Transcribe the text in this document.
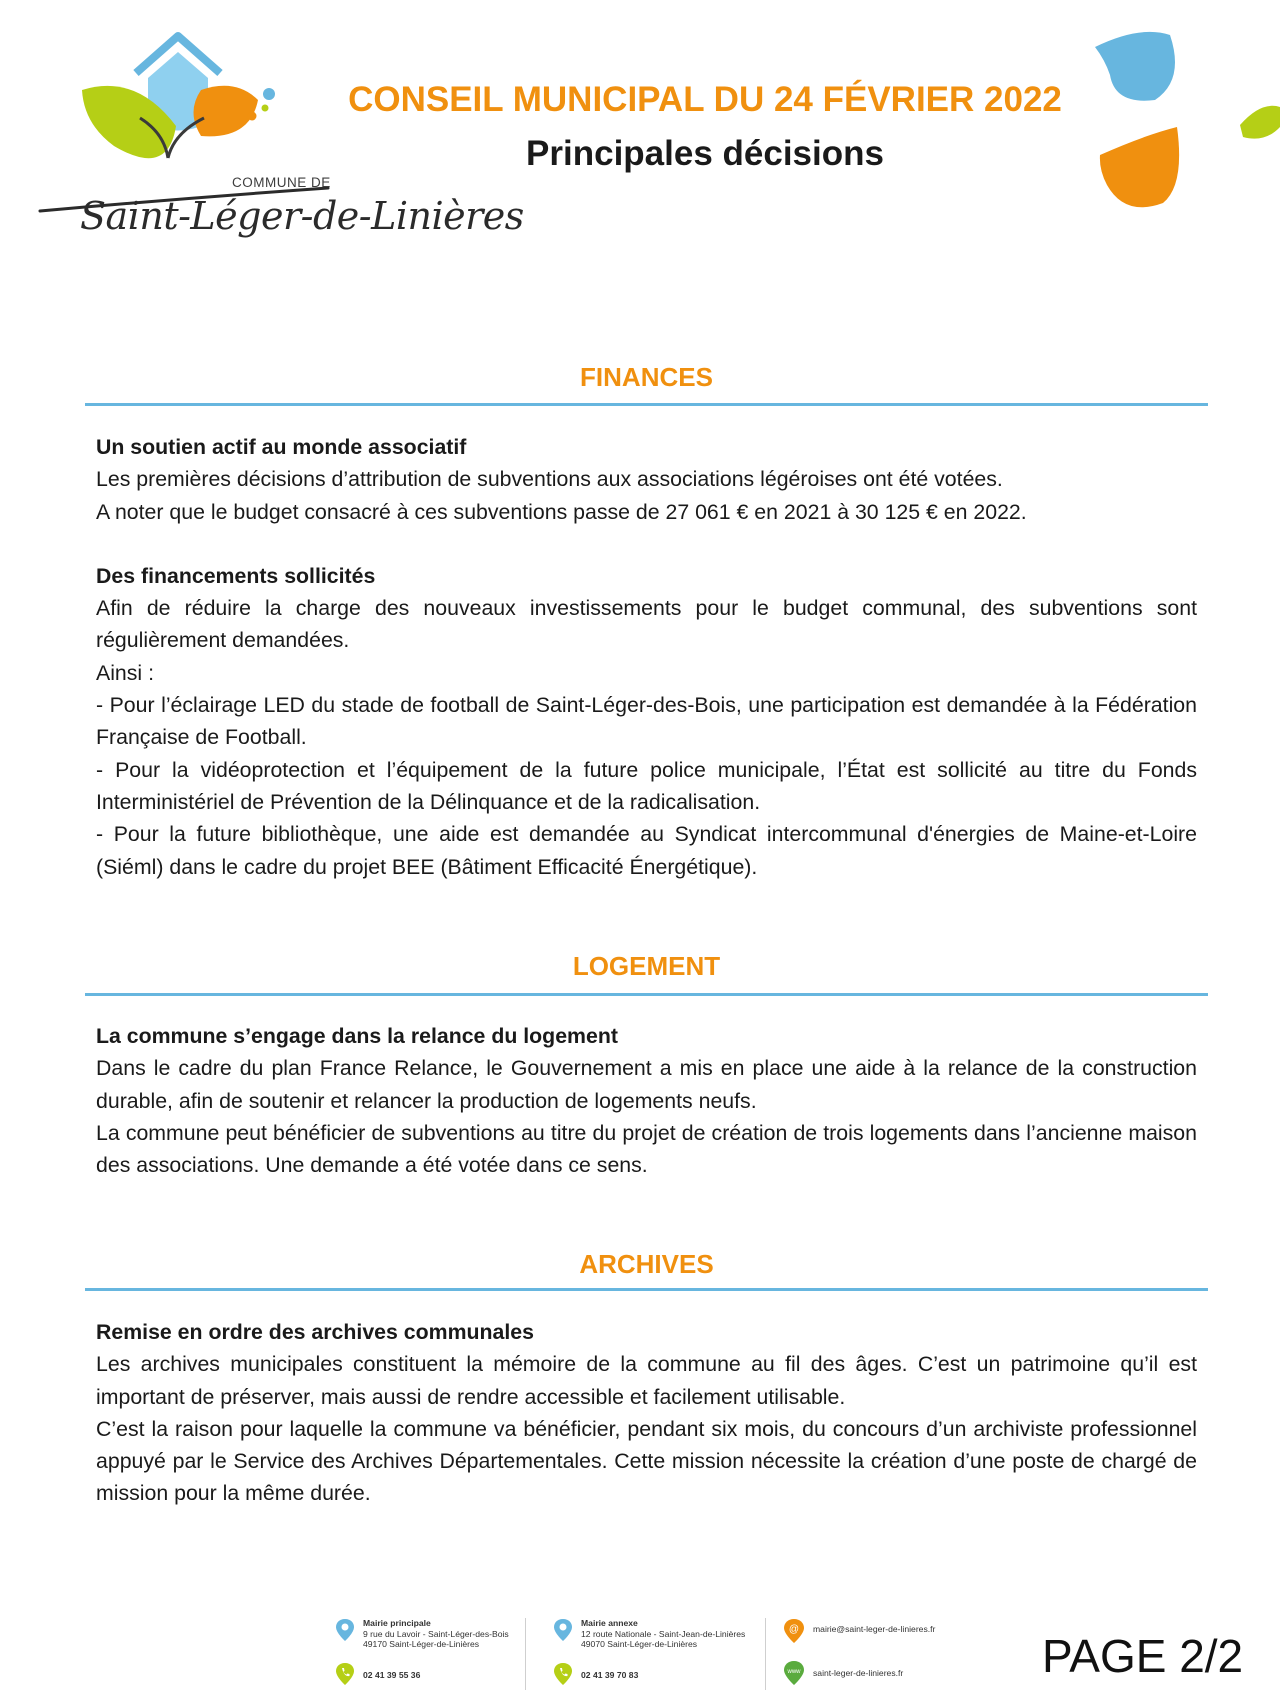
COMMUNE DE
Saint-Léger-de-Linières
CONSEIL MUNICIPAL DU 24 FÉVRIER 2022
Principales décisions
FINANCES

Un soutien actif au monde associatif

Les premières décisions d’attribution de subventions aux associations légéroises ont été votées.

A noter que le budget consacré à ces subventions passe de 27 061 € en 2021 à 30 125 € en 2022.

Des financements sollicités

Afin de réduire la charge des nouveaux investissements pour le budget communal, des subventions sont régulièrement demandées.

Ainsi :

- Pour l’éclairage LED du stade de football de Saint-Léger-des-Bois, une participation est demandée à la Fédération Française de Football.

- Pour la vidéoprotection et l’équipement de la future police municipale, l’État est sollicité au titre du Fonds Interministériel de Prévention de la Délinquance et de la radicalisation.

- Pour la future bibliothèque, une aide est demandée au Syndicat intercommunal d'énergies de Maine-et-Loire (Siéml) dans le cadre du projet BEE (Bâtiment Efficacité Énergétique).

LOGEMENT

La commune s’engage dans la relance du logement

Dans le cadre du plan France Relance, le Gouvernement a mis en place une aide à la relance de la construction durable, afin de soutenir et relancer la production de logements neufs.

La commune peut bénéficier de subventions au titre du projet de création de trois logements dans l’ancienne maison des associations. Une demande a été votée dans ce sens.

ARCHIVES

Remise en ordre des archives communales

Les archives municipales constituent la mémoire de la commune au fil des âges. C’est un patrimoine qu’il est important de préserver, mais aussi de rendre accessible et facilement utilisable.

C’est la raison pour laquelle la commune va bénéficier, pendant six mois, du concours d’un archiviste professionnel appuyé par le Service des Archives Départementales. Cette mission nécessite la création d’une poste de chargé de mission pour la même durée.

Mairie principale
9 rue du Lavoir - Saint-Léger-des-Bois
49170 Saint-Léger-de-Linières
02 41 39 55 36
Mairie annexe
12 route Nationale - Saint-Jean-de-Linières
49070 Saint-Léger-de-Linières
02 41 39 70 83
@ mairie@saint-leger-de-linieres.fr
www saint-leger-de-linieres.fr	PAGE 2/2
